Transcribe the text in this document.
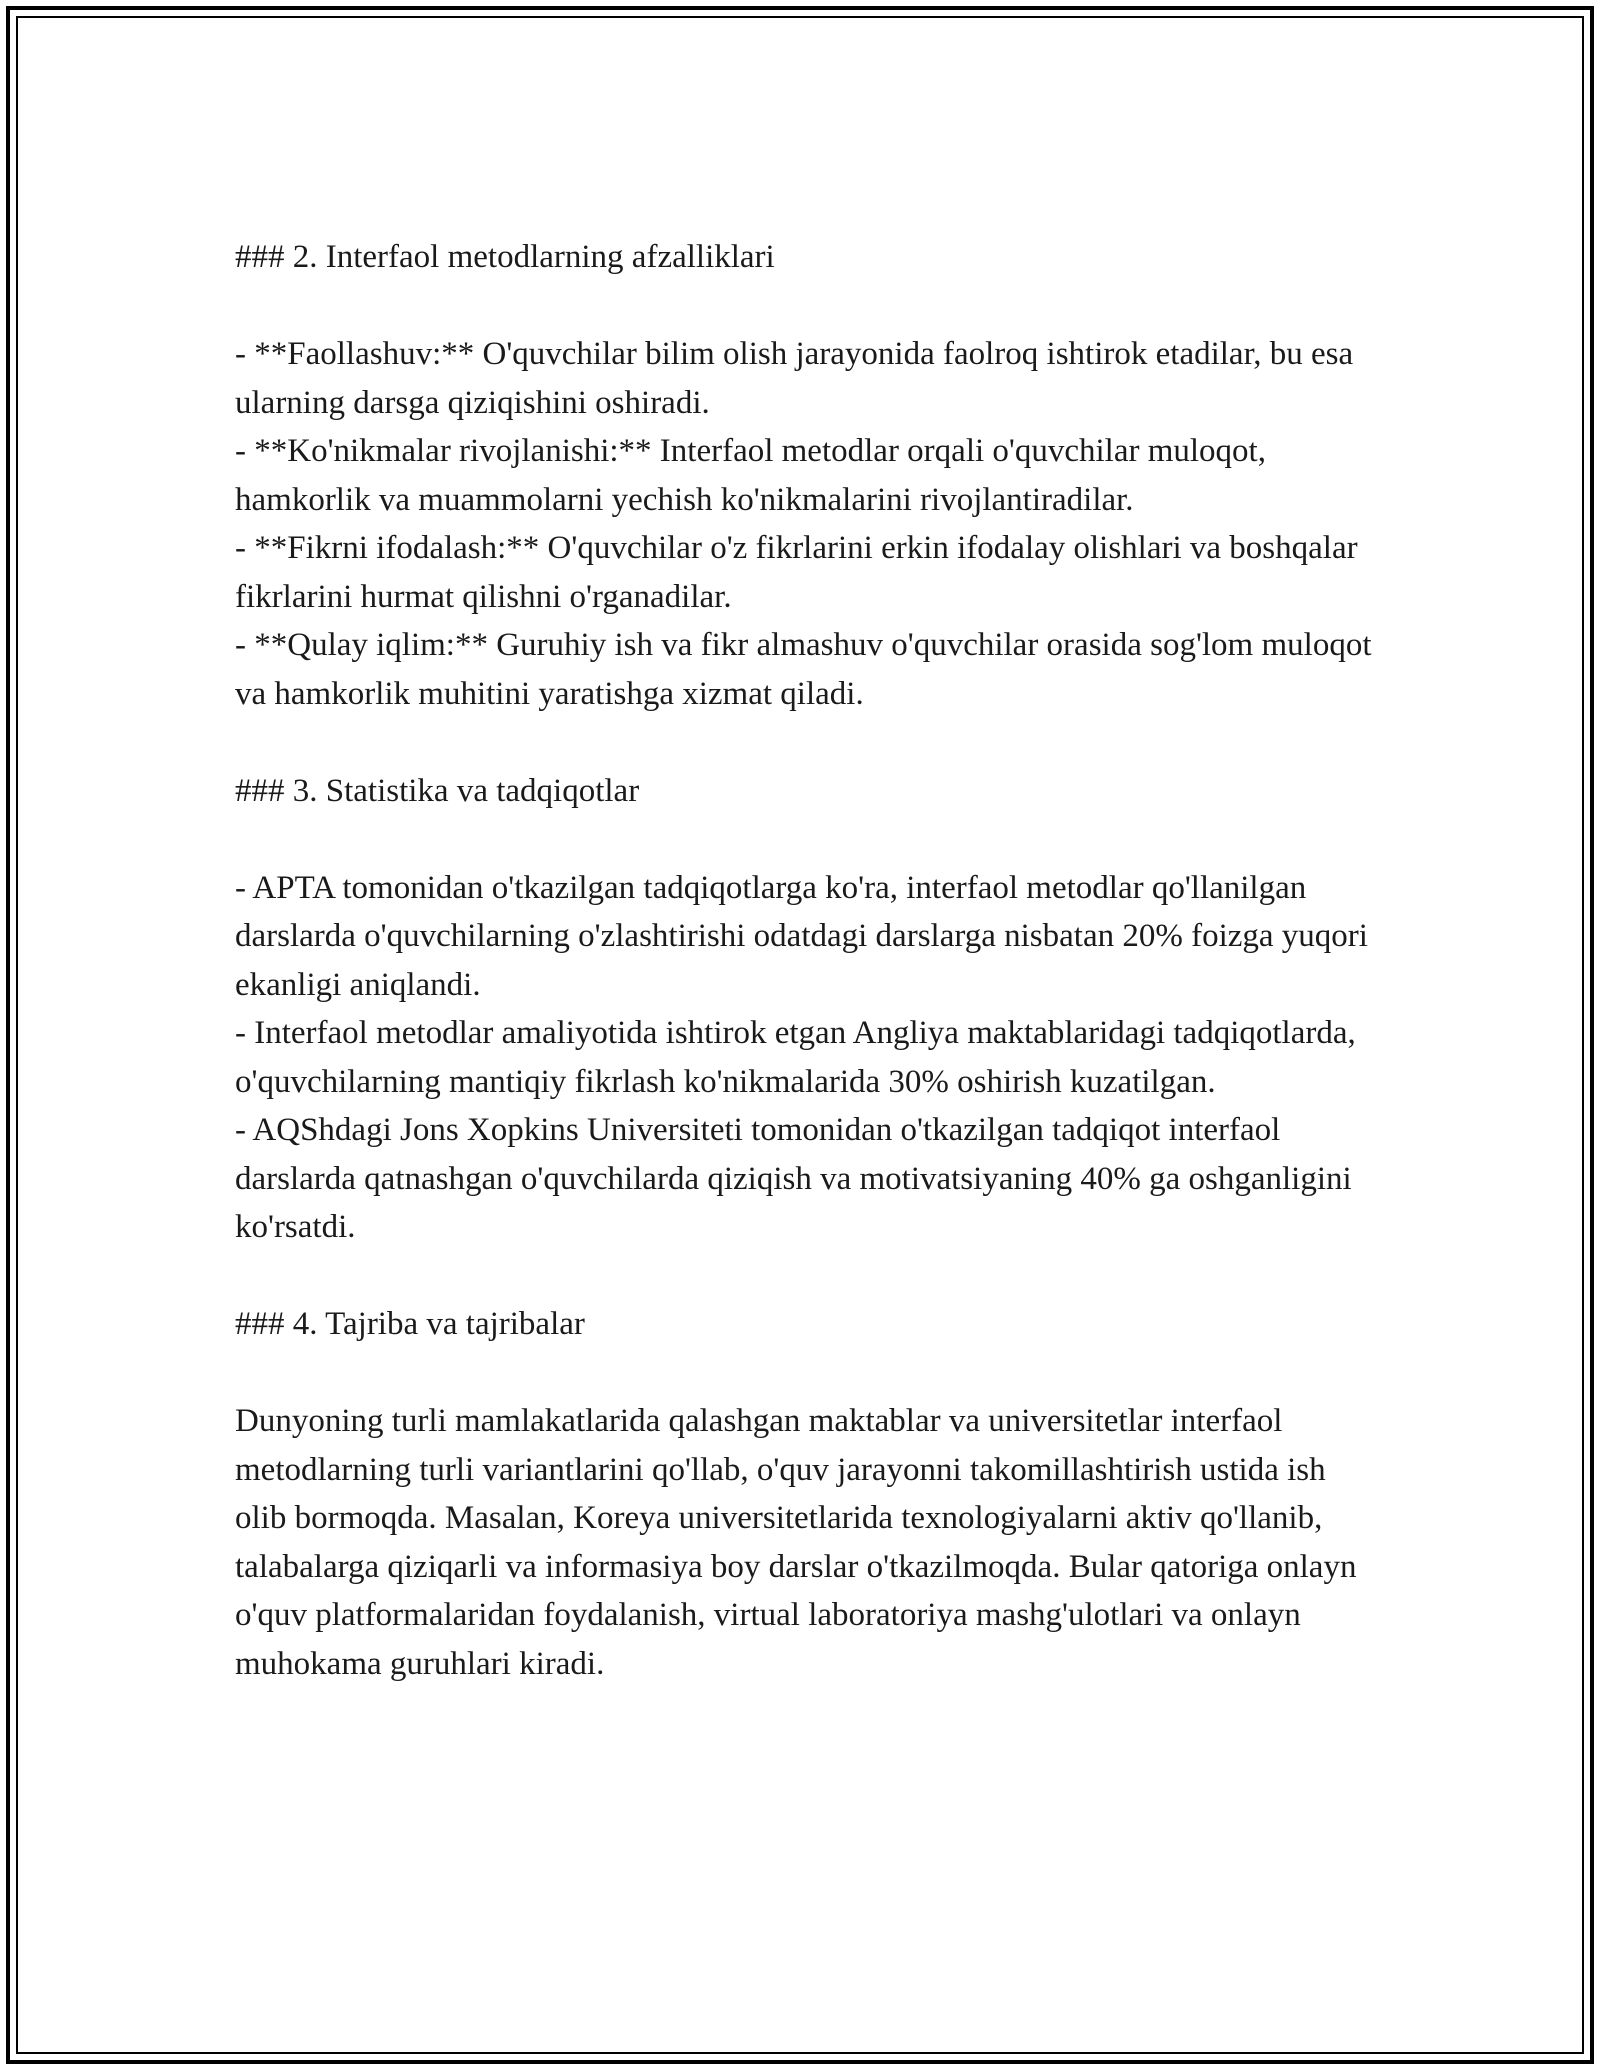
### 2. Interfaol metodlarning afzalliklari

- **Faollashuv:** O'quvchilar bilim olish jarayonida faolroq ishtirok etadilar, bu esa ularning darsga qiziqishini oshiradi.

- **Ko'nikmalar rivojlanishi:** Interfaol metodlar orqali o'quvchilar muloqot, hamkorlik va muammolarni yechish ko'nikmalarini rivojlantiradilar.

- **Fikrni ifodalash:** O'quvchilar o'z fikrlarini erkin ifodalay olishlari va boshqalar fikrlarini hurmat qilishni o'rganadilar.

- **Qulay iqlim:** Guruhiy ish va fikr almashuv o'quvchilar orasida sog'lom muloqot va hamkorlik muhitini yaratishga xizmat qiladi.

### 3. Statistika va tadqiqotlar

- APTA tomonidan o'tkazilgan tadqiqotlarga ko'ra, interfaol metodlar qo'llanilgan darslarda o'quvchilarning o'zlashtirishi odatdagi darslarga nisbatan 20% foizga yuqori ekanligi aniqlandi.

- Interfaol metodlar amaliyotida ishtirok etgan Angliya maktablaridagi tadqiqotlarda, o'quvchilarning mantiqiy fikrlash ko'nikmalarida 30% oshirish kuzatilgan.

- AQShdagi Jons Xopkins Universiteti tomonidan o'tkazilgan tadqiqot interfaol darslarda qatnashgan o'quvchilarda qiziqish va motivatsiyaning 40% ga oshganligini ko'rsatdi.

### 4. Tajriba va tajribalar

Dunyoning turli mamlakatlarida qalashgan maktablar va universitetlar interfaol metodlarning turli variantlarini qo'llab, o'quv jarayonni takomillashtirish ustida ish olib bormoqda. Masalan, Koreya universitetlarida texnologiyalarni aktiv qo'llanib, talabalarga qiziqarli va informasiya boy darslar o'tkazilmoqda. Bular qatoriga onlayn o'quv platformalaridan foydalanish, virtual laboratoriya mashg'ulotlari va onlayn muhokama guruhlari kiradi.
